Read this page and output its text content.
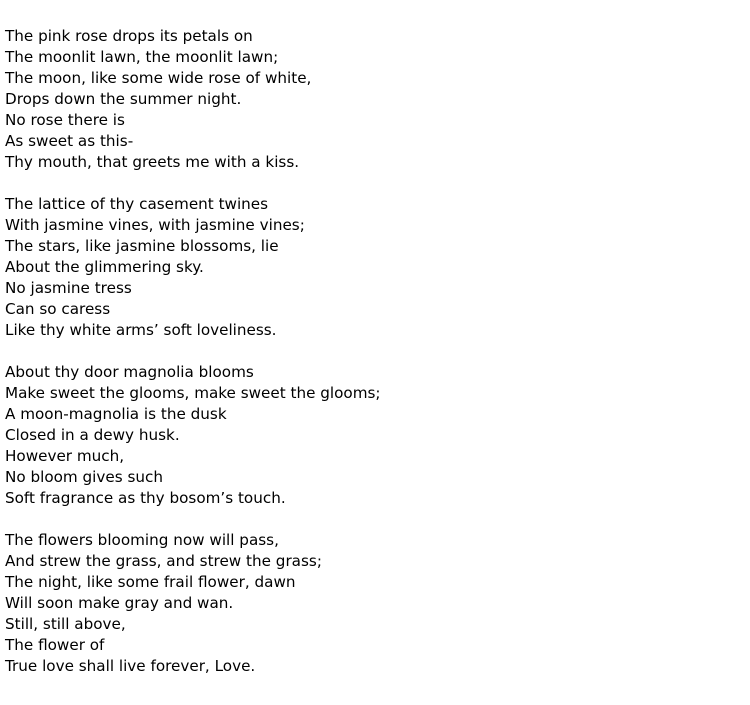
The pink rose drops its petals on
The moonlit lawn, the moonlit lawn;
The moon, like some wide rose of white,
Drops down the summer night.
No rose there is
As sweet as this-
Thy mouth, that greets me with a kiss.
The lattice of thy casement twines
With jasmine vines, with jasmine vines;
The stars, like jasmine blossoms, lie
About the glimmering sky.
No jasmine tress
Can so caress
Like thy white arms’ soft loveliness.
About thy door magnolia blooms
Make sweet the glooms, make sweet the glooms;
A moon-magnolia is the dusk
Closed in a dewy husk.
However much,
No bloom gives such
Soft fragrance as thy bosom’s touch.
The flowers blooming now will pass,
And strew the grass, and strew the grass;
The night, like some frail flower, dawn
Will soon make gray and wan.
Still, still above,
The flower of
True love shall live forever, Love.
